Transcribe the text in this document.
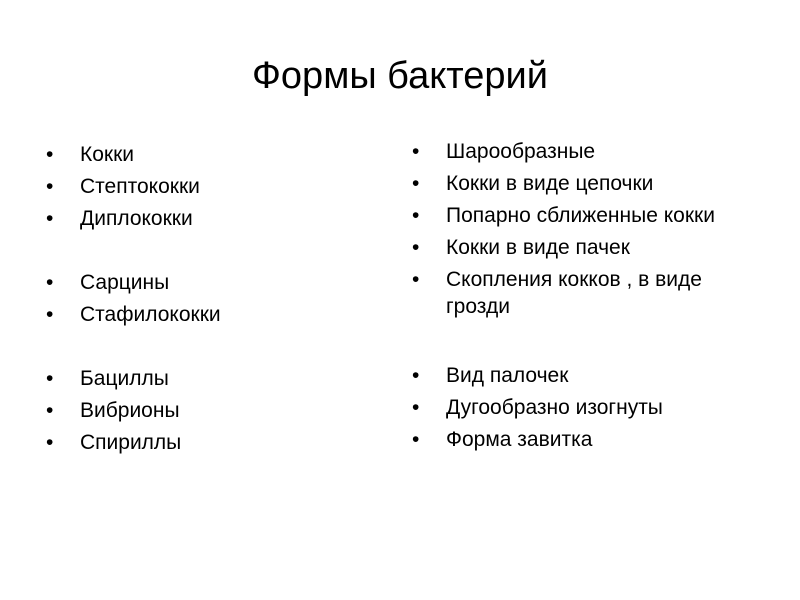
Формы бактерий
•	Кокки
•	Стептококки
•	Диплококки
•	Сарцины
•	Стафилококки
•	Бациллы
•	Вибрионы
•	Спириллы
•	Шарообразные
•	Кокки в виде цепочки
•	Попарно сближенные кокки
•	Кокки в виде пачек
•	Скопления кокков , в виде грозди
•	Вид палочек
•	Дугообразно изогнуты
•	Форма завитка
